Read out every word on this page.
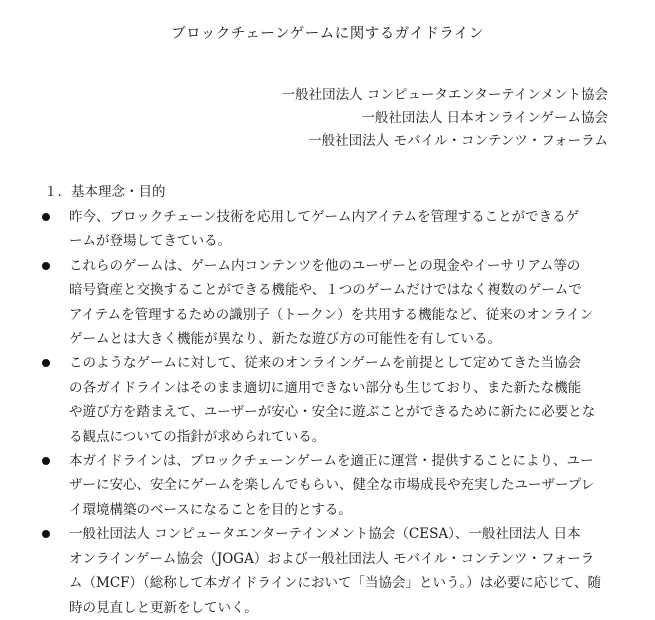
ブロックチェーンゲームに関するガイドライン
一般社団法人 コンピュータエンターテインメント協会
一般社団法人 日本オンラインゲーム協会
一般社団法人 モバイル・コンテンツ・フォーラム
１．基本理念・目的
昨今、ブロックチェーン技術を応用してゲーム内アイテムを管理することができるゲ
ームが登場してきている。
これらのゲームは、ゲーム内コンテンツを他のユーザーとの現金やイーサリアム等の
暗号資産と交換することができる機能や、１つのゲームだけではなく複数のゲームで
アイテムを管理するための識別子（トークン）を共用する機能など、従来のオンライン
ゲームとは大きく機能が異なり、新たな遊び方の可能性を有している。
このようなゲームに対して、従来のオンラインゲームを前提として定めてきた当協会
の各ガイドラインはそのまま適切に適用できない部分も生じており、また新たな機能
や遊び方を踏まえて、ユーザーが安心・安全に遊ぶことができるために新たに必要とな
る観点についての指針が求められている。
本ガイドラインは、ブロックチェーンゲームを適正に運営・提供することにより、ユー
ザーに安心、安全にゲームを楽しんでもらい、健全な市場成長や充実したユーザープレ
イ環境構築のベースになることを目的とする。
一般社団法人 コンピュータエンターテインメント協会（CESA）、一般社団法人 日本
オンラインゲーム協会（JOGA）および一般社団法人 モバイル・コンテンツ・フォーラ
ム（MCF）（総称して本ガイドラインにおいて「当協会」という。）は必要に応じて、随
時の見直しと更新をしていく。
